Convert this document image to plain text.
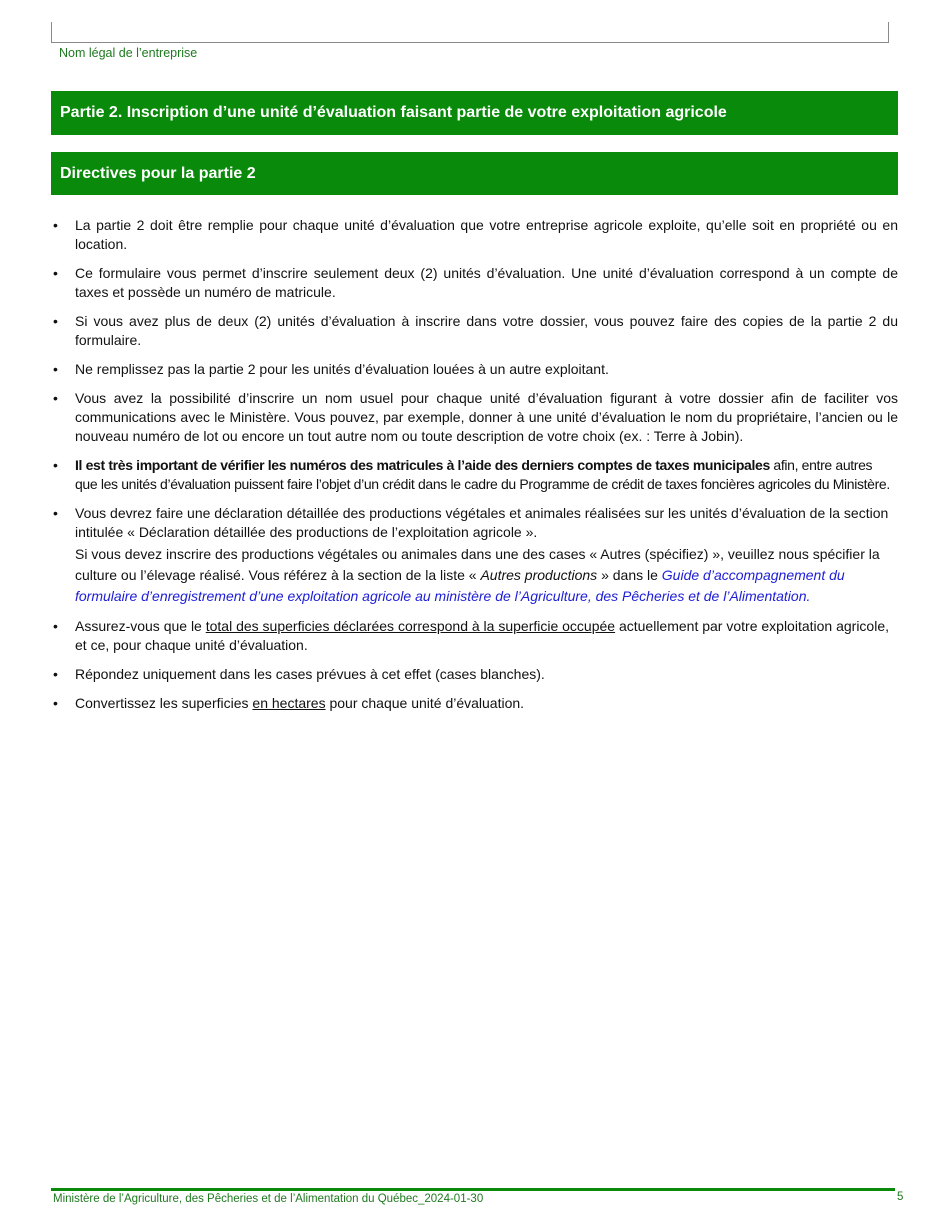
Nom légal de l’entreprise
Partie 2. Inscription d’une unité d’évaluation faisant partie de votre exploitation agricole
Directives pour la partie 2
• La partie 2 doit être remplie pour chaque unité d’évaluation que votre entreprise agricole exploite, qu’elle soit en propriété ou en location.
• Ce formulaire vous permet d’inscrire seulement deux (2) unités d’évaluation. Une unité d’évaluation correspond à un compte de taxes et possède un numéro de matricule.
• Si vous avez plus de deux (2) unités d’évaluation à inscrire dans votre dossier, vous pouvez faire des copies de la partie 2 du formulaire.
• Ne remplissez pas la partie 2 pour les unités d’évaluation louées à un autre exploitant.
• Vous avez la possibilité d’inscrire un nom usuel pour chaque unité d’évaluation figurant à votre dossier afin de faciliter vos communications avec le Ministère. Vous pouvez, par exemple, donner à une unité d’évaluation le nom du propriétaire, l’ancien ou le nouveau numéro de lot ou encore un tout autre nom ou toute description de votre choix (ex. : Terre à Jobin).
• Il est très important de vérifier les numéros des matricules à l’aide des derniers comptes de taxes municipales afin, entre autres que les unités d’évaluation puissent faire l’objet d’un crédit dans le cadre du Programme de crédit de taxes foncières agricoles du Ministère.
• Vous devrez faire une déclaration détaillée des productions végétales et animales réalisées sur les unités d’évaluation de la section intitulée « Déclaration détaillée des productions de l’exploitation agricole ».
Si vous devez inscrire des productions végétales ou animales dans une des cases « Autres (spécifiez) », veuillez nous spécifier la culture ou l’élevage réalisé. Vous référez à la section de la liste « Autres productions » dans le Guide d’accompagnement du formulaire d’enregistrement d’une exploitation agricole au ministère de l’Agriculture, des Pêcheries et de l’Alimentation.
• Assurez-vous que le total des superficies déclarées correspond à la superficie occupée actuellement par votre exploitation agricole, et ce, pour chaque unité d’évaluation.
• Répondez uniquement dans les cases prévues à cet effet (cases blanches).
• Convertissez les superficies en hectares pour chaque unité d’évaluation.
Ministère de l’Agriculture, des Pêcheries et de l’Alimentation du Québec_2024-01-30	5
